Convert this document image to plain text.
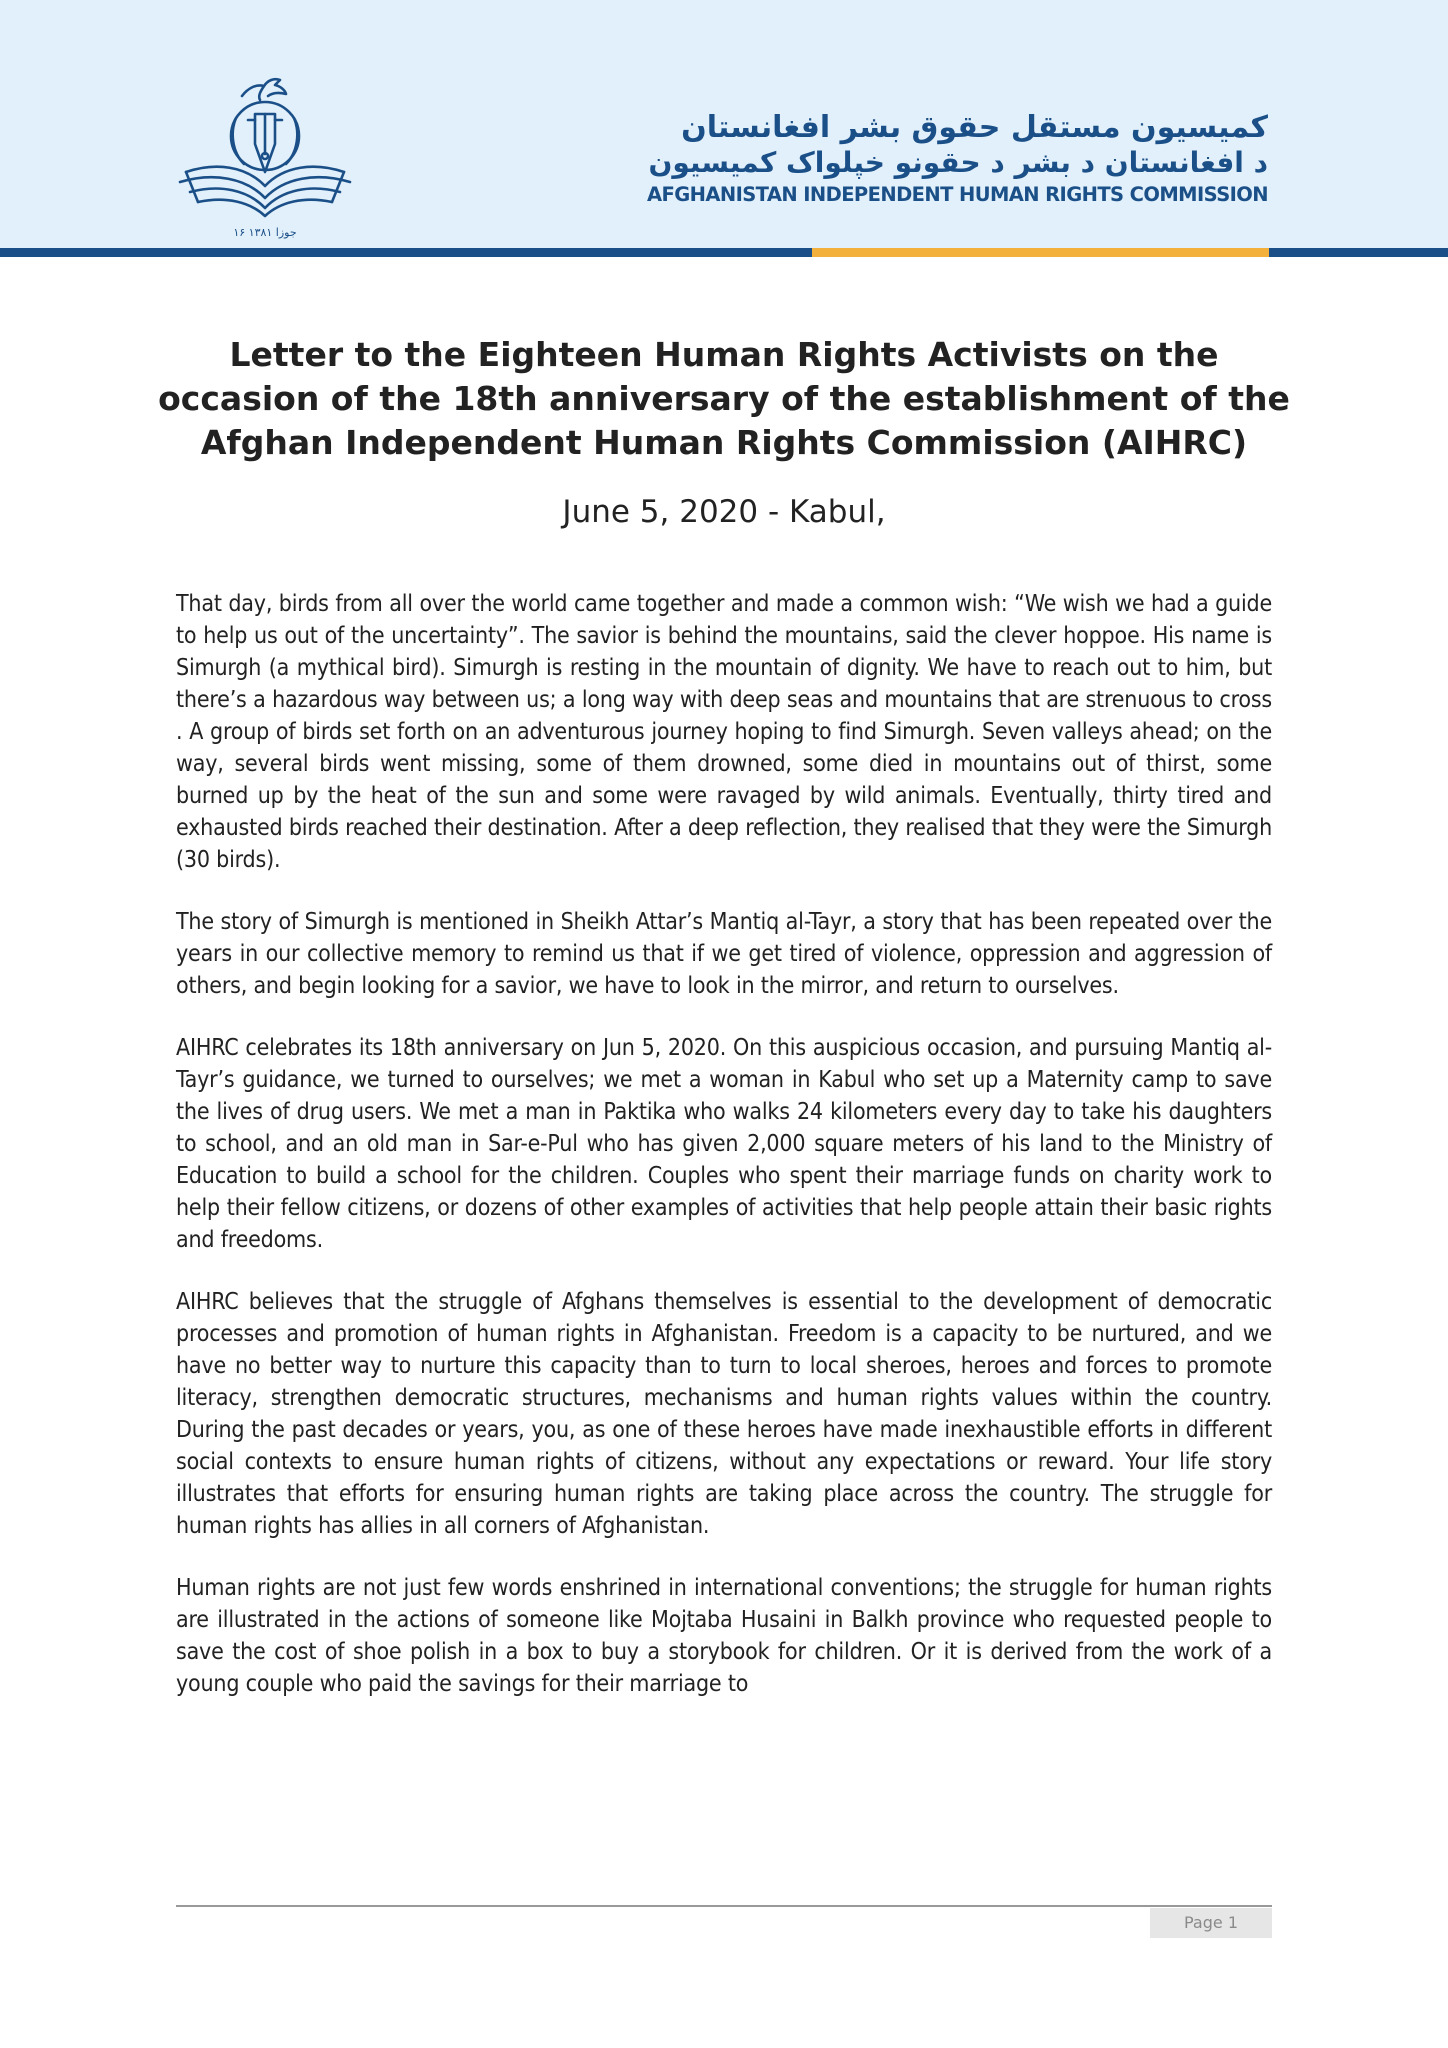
۱۶ جوزا ۱۳۸۱
کمیسیون مستقل حقوق بشر افغانستان
د افغانستان د بشر د حقونو خپلواک کمیسیون
AFGHANISTAN INDEPENDENT HUMAN RIGHTS COMMISSION
Letter to the Eighteen Human Rights Activists on the occasion of the 18th anniversary of the establishment of the Afghan Independent Human Rights Commission (AIHRC)
June 5, 2020 - Kabul,

That day, birds from all over the world came together and made a common wish: “We wish we had a guide to help us out of the uncertainty”. The savior is behind the mountains, said the clever hoppoe. His name is Simurgh (a mythical bird). Simurgh is resting in the mountain of dignity. We have to reach out to him, but there’s a hazardous way between us; a long way with deep seas and mountains that are strenuous to cross . A group of birds set forth on an adventurous journey hoping to find Simurgh. Seven valleys ahead; on the way, several birds went missing, some of them drowned, some died in mountains out of thirst, some burned up by the heat of the sun and some were ravaged by wild animals. Eventually, thirty tired and exhausted birds reached their destination. After a deep reflection, they realised that they were the Simurgh (30 birds).

The story of Simurgh is mentioned in Sheikh Attar’s Mantiq al-Tayr, a story that has been repeated over the years in our collective memory to remind us that if we get tired of violence, oppression and aggression of others, and begin looking for a savior, we have to look in the mirror, and return to ourselves.

AIHRC celebrates its 18th anniversary on Jun 5, 2020. On this auspicious occasion, and pursuing Mantiq al-Tayr’s guidance, we turned to ourselves; we met a woman in Kabul who set up a Maternity camp to save the lives of drug users. We met a man in Paktika who walks 24 kilometers every day to take his daughters to school, and an old man in Sar-e-Pul who has given 2,000 square meters of his land to the Ministry of Education to build a school for the children. Couples who spent their marriage funds on charity work to help their fellow citizens, or dozens of other examples of activities that help people attain their basic rights and freedoms.

AIHRC believes that the struggle of Afghans themselves is essential to the development of democratic processes and promotion of human rights in Afghanistan. Freedom is a capacity to be nurtured, and we have no better way to nurture this capacity than to turn to local sheroes, heroes and forces to promote literacy, strengthen democratic structures, mechanisms and human rights values within the country. During the past decades or years, you, as one of these heroes have made inexhaustible efforts in different social contexts to ensure human rights of citizens, without any expectations or reward. Your life story illustrates that efforts for ensuring human rights are taking place across the country. The struggle for human rights has allies in all corners of Afghanistan.

Human rights are not just few words enshrined in international conventions; the struggle for human rights are illustrated in the actions of someone like Mojtaba Husaini in Balkh province who requested people to save the cost of shoe polish in a box to buy a storybook for children. Or it is derived from the work of a young couple who paid the savings for their marriage to

Page 1
